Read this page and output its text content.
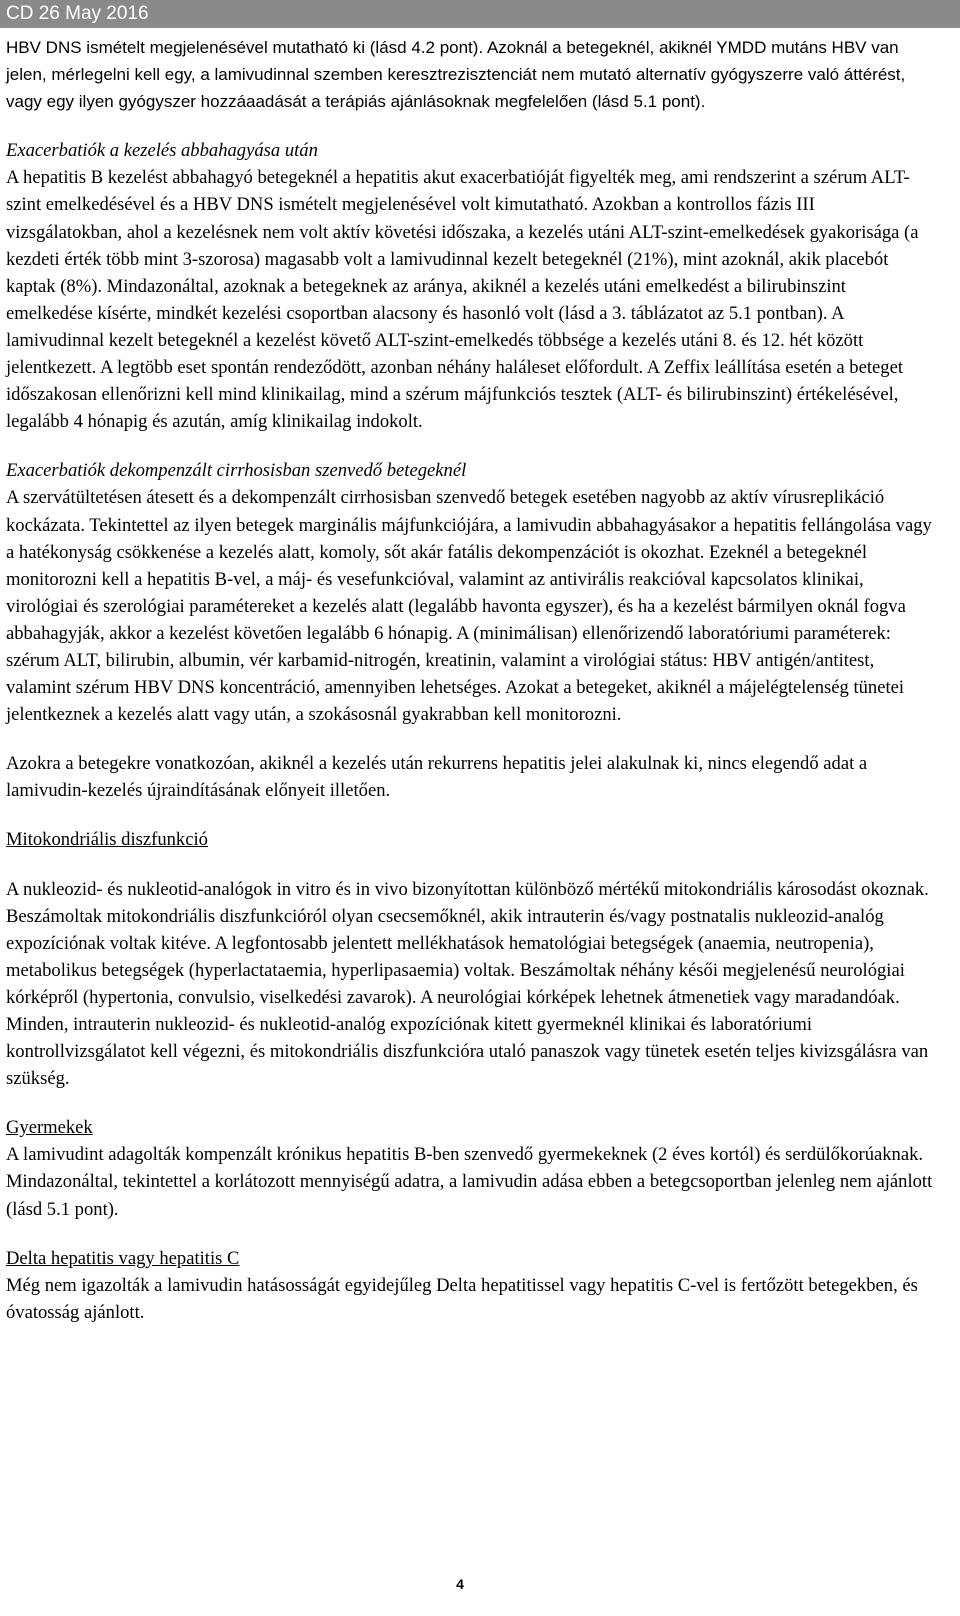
CD 26 May 2016

HBV DNS ismételt megjelenésével mutatható ki (lásd 4.2 pont). Azoknál a betegeknél, akiknél YMDD mutáns HBV van jelen, mérlegelni kell egy, a lamivudinnal szemben keresztrezisztenciát nem mutató alternatív gyógyszerre való áttérést, vagy egy ilyen gyógyszer hozzáaadását a terápiás ajánlásoknak megfelelően (lásd 5.1 pont).

Exacerbatiók a kezelés abbahagyása után

A hepatitis B kezelést abbahagyó betegeknél a hepatitis akut exacerbatióját figyelték meg, ami rendszerint a szérum ALT-szint emelkedésével és a HBV DNS ismételt megjelenésével volt kimutatható. Azokban a kontrollos fázis III vizsgálatokban, ahol a kezelésnek nem volt aktív követési időszaka, a kezelés utáni ALT-szint-emelkedések gyakorisága (a kezdeti érték több mint 3-szorosa) magasabb volt a lamivudinnal kezelt betegeknél (21%), mint azoknál, akik placebót kaptak (8%). Mindazonáltal, azoknak a betegeknek az aránya, akiknél a kezelés utáni emelkedést a bilirubinszint emelkedése kísérte, mindkét kezelési csoportban alacsony és hasonló volt (lásd a 3. táblázatot az 5.1 pontban). A lamivudinnal kezelt betegeknél a kezelést követő ALT-szint-emelkedés többsége a kezelés utáni 8. és 12. hét között jelentkezett. A legtöbb eset spontán rendeződött, azonban néhány haláleset előfordult. A Zeffix leállítása esetén a beteget időszakosan ellenőrizni kell mind klinikailag, mind a szérum májfunkciós tesztek (ALT- és bilirubinszint) értékelésével, legalább 4 hónapig és azután, amíg klinikailag indokolt.

Exacerbatiók dekompenzált cirrhosisban szenvedő betegeknél

A szervátültetésen átesett és a dekompenzált cirrhosisban szenvedő betegek esetében nagyobb az aktív vírusreplikáció kockázata. Tekintettel az ilyen betegek marginális májfunkciójára, a lamivudin abbahagyásakor a hepatitis fellángolása vagy a hatékonyság csökkenése a kezelés alatt, komoly, sőt akár fatális dekompenzációt is okozhat. Ezeknél a betegeknél monitorozni kell a hepatitis B-vel, a máj- és vesefunkcióval, valamint az antivirális reakcióval kapcsolatos klinikai, virológiai és szerológiai paramétereket a kezelés alatt (legalább havonta egyszer), és ha a kezelést bármilyen oknál fogva abbahagyják, akkor a kezelést követően legalább 6 hónapig. A (minimálisan) ellenőrizendő laboratóriumi paraméterek: szérum ALT, bilirubin, albumin, vér karbamid-nitrogén, kreatinin, valamint a virológiai státus: HBV antigén/antitest, valamint szérum HBV DNS koncentráció, amennyiben lehetséges. Azokat a betegeket, akiknél a májelégtelenség tünetei jelentkeznek a kezelés alatt vagy után, a szokásosnál gyakrabban kell monitorozni.

Azokra a betegekre vonatkozóan, akiknél a kezelés után rekurrens hepatitis jelei alakulnak ki, nincs elegendő adat a lamivudin-kezelés újraindításának előnyeit illetően.

Mitokondriális diszfunkció

A nukleozid- és nukleotid-analógok in vitro és in vivo bizonyítottan különböző mértékű mitokondriális károsodást okoznak. Beszámoltak mitokondriális diszfunkcióról olyan csecsemőknél, akik intrauterin és/vagy postnatalis nukleozid-analóg expozíciónak voltak kitéve. A legfontosabb jelentett mellékhatások hematológiai betegségek (anaemia, neutropenia), metabolikus betegségek (hyperlactataemia, hyperlipasaemia) voltak. Beszámoltak néhány késői megjelenésű neurológiai kórképről (hypertonia, convulsio, viselkedési zavarok). A neurológiai kórképek lehetnek átmenetiek vagy maradandóak. Minden, intrauterin nukleozid- és nukleotid-analóg expozíciónak kitett gyermeknél klinikai és laboratóriumi kontrollvizsgálatot kell végezni, és mitokondriális diszfunkcióra utaló panaszok vagy tünetek esetén teljes kivizsgálásra van szükség.

Gyermekek

A lamivudint adagolták kompenzált krónikus hepatitis B-ben szenvedő gyermekeknek (2 éves kortól) és serdülőkorúaknak. Mindazonáltal, tekintettel a korlátozott mennyiségű adatra, a lamivudin adása ebben a betegcsoportban jelenleg nem ajánlott (lásd 5.1 pont).

Delta hepatitis vagy hepatitis C

Még nem igazolták a lamivudin hatásosságát egyidejűleg Delta hepatitissel vagy hepatitis C-vel is fertőzött betegekben, és óvatosság ajánlott.

4
